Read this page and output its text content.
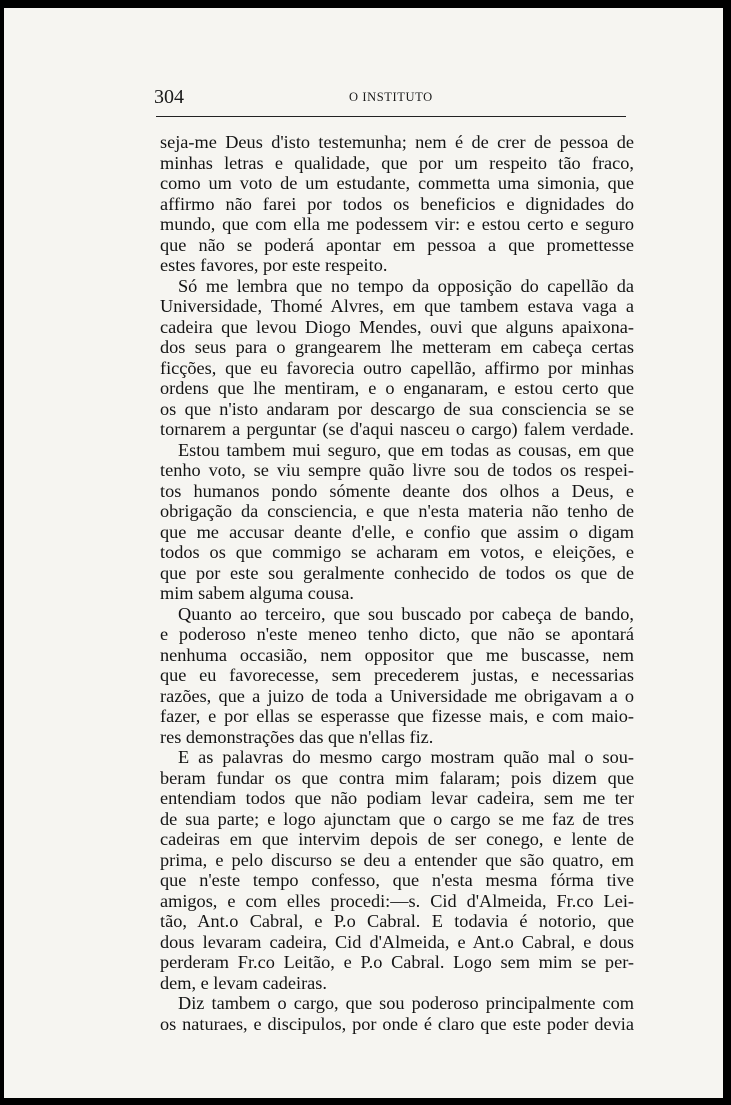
304	O INSTITUTO
seja-me Deus d'isto testemunha; nem é de crer de pessoa de
minhas letras e qualidade, que por um respeito tão fraco,
como um voto de um estudante, commetta uma simonia, que
affirmo não farei por todos os beneficios e dignidades do
mundo, que com ella me podessem vir: e estou certo e seguro
que não se poderá apontar em pessoa a que promettesse
estes favores, por este respeito.
Só me lembra que no tempo da opposição do capellão da
Universidade, Thomé Alvres, em que tambem estava vaga a
cadeira que levou Diogo Mendes, ouvi que alguns apaixona-
dos seus para o grangearem lhe metteram em cabeça certas
ficções, que eu favorecia outro capellão, affirmo por minhas
ordens que lhe mentiram, e o enganaram, e estou certo que
os que n'isto andaram por descargo de sua consciencia se se
tornarem a perguntar (se d'aqui nasceu o cargo) falem verdade.
Estou tambem mui seguro, que em todas as cousas, em que
tenho voto, se viu sempre quão livre sou de todos os respei-
tos humanos pondo sómente deante dos olhos a Deus, e
obrigação da consciencia, e que n'esta materia não tenho de
que me accusar deante d'elle, e confio que assim o digam
todos os que commigo se acharam em votos, e eleições, e
que por este sou geralmente conhecido de todos os que de
mim sabem alguma cousa.
Quanto ao terceiro, que sou buscado por cabeça de bando,
e poderoso n'este meneo tenho dicto, que não se apontará
nenhuma occasião, nem oppositor que me buscasse, nem
que eu favorecesse, sem precederem justas, e necessarias
razões, que a juizo de toda a Universidade me obrigavam a o
fazer, e por ellas se esperasse que fizesse mais, e com maio-
res demonstrações das que n'ellas fiz.
E as palavras do mesmo cargo mostram quão mal o sou-
beram fundar os que contra mim falaram; pois dizem que
entendiam todos que não podiam levar cadeira, sem me ter
de sua parte; e logo ajunctam que o cargo se me faz de tres
cadeiras em que intervim depois de ser conego, e lente de
prima, e pelo discurso se deu a entender que são quatro, em
que n'este tempo confesso, que n'esta mesma fórma tive
amigos, e com elles procedi:—s. Cid d'Almeida, Fr.co Lei-
tão, Ant.o Cabral, e P.o Cabral. E todavia é notorio, que
dous levaram cadeira, Cid d'Almeida, e Ant.o Cabral, e dous
perderam Fr.co Leitão, e P.o Cabral. Logo sem mim se per-
dem, e levam cadeiras.
Diz tambem o cargo, que sou poderoso principalmente com
os naturaes, e discipulos, por onde é claro que este poder devia
